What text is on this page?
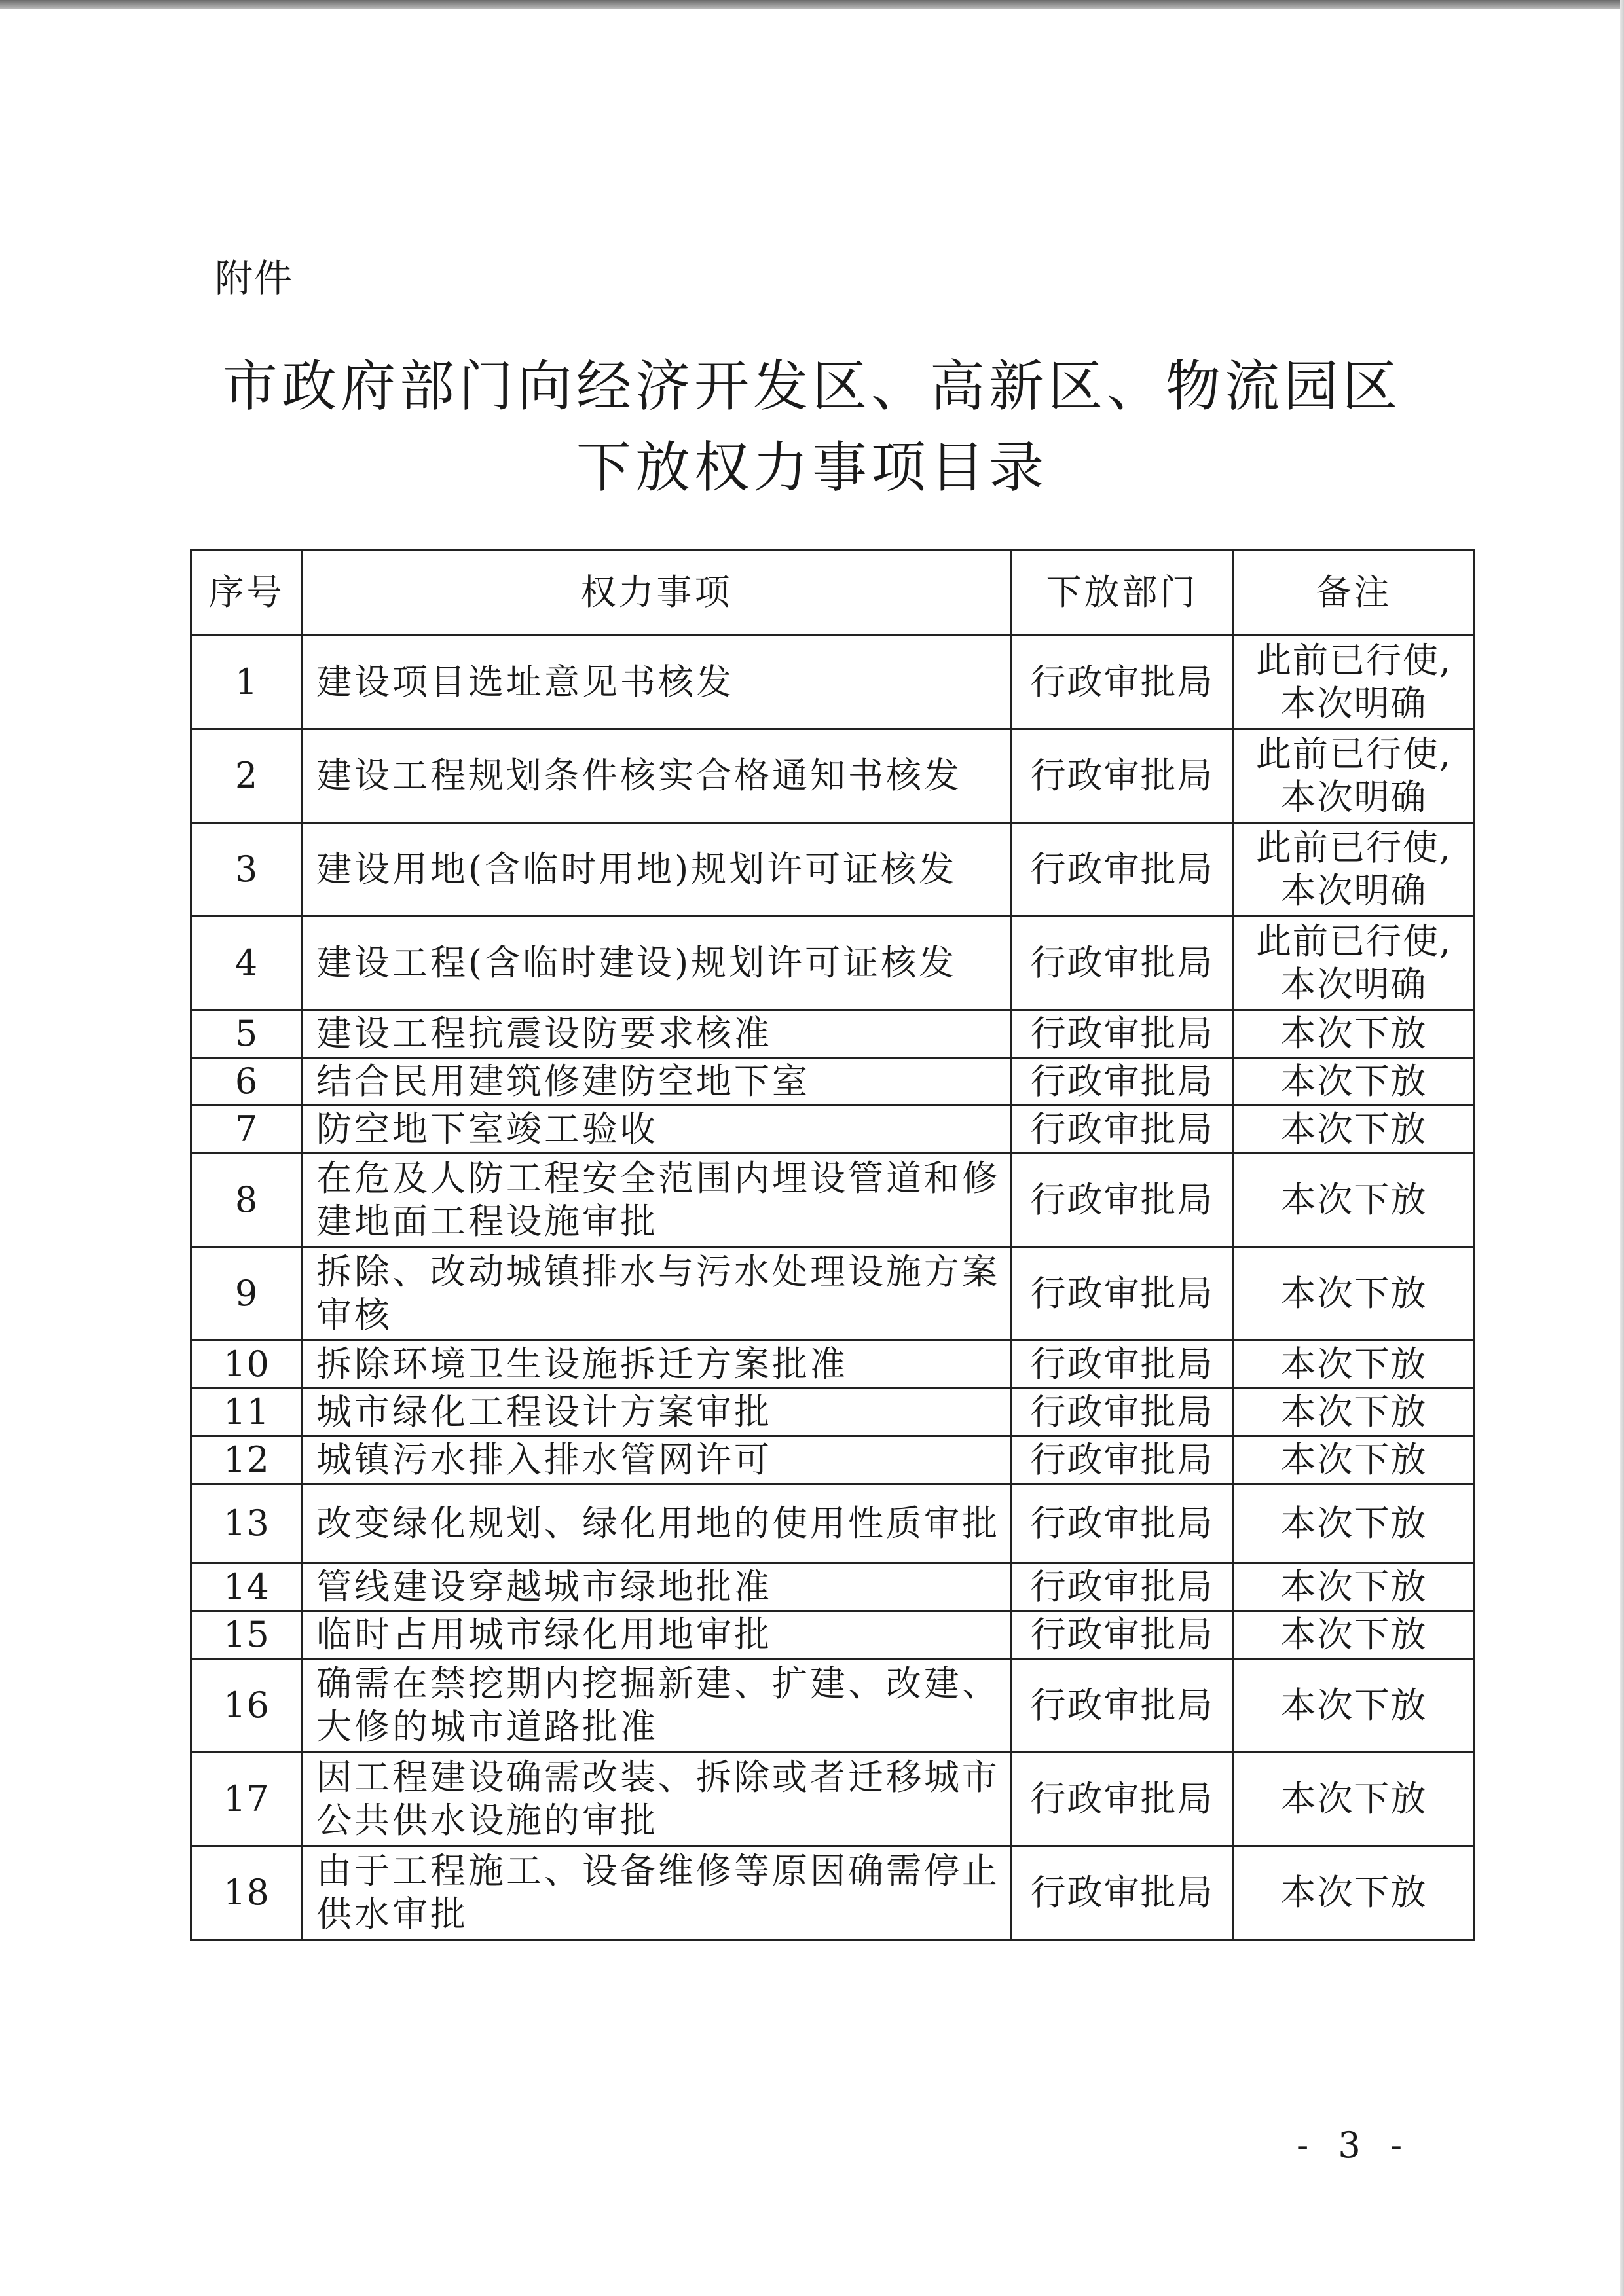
附件
市政府部门向经济开发区、高新区、物流园区
下放权力事项目录
序号	权力事项	下放部门	备注
1	建设项目选址意见书核发	行政审批局	此前已行使,
本次明确

2	建设工程规划条件核实合格通知书核发	行政审批局	此前已行使,
本次明确

3	建设用地(含临时用地)规划许可证核发	行政审批局	此前已行使,
本次明确

4	建设工程(含临时建设)规划许可证核发	行政审批局	此前已行使,
本次明确

5	建设工程抗震设防要求核准	行政审批局	本次下放

6	结合民用建筑修建防空地下室	行政审批局	本次下放

7	防空地下室竣工验收	行政审批局	本次下放

8	在危及人防工程安全范围内埋设管道和修建地面工程设施审批	行政审批局	本次下放

9	拆除、改动城镇排水与污水处理设施方案审核	行政审批局	本次下放

10	拆除环境卫生设施拆迁方案批准	行政审批局	本次下放

11	城市绿化工程设计方案审批	行政审批局	本次下放

12	城镇污水排入排水管网许可	行政审批局	本次下放

13	改变绿化规划、绿化用地的使用性质审批	行政审批局	本次下放

14	管线建设穿越城市绿地批准	行政审批局	本次下放

15	临时占用城市绿化用地审批	行政审批局	本次下放

16	确需在禁挖期内挖掘新建、扩建、改建、大修的城市道路批准	行政审批局	本次下放

17	因工程建设确需改装、拆除或者迁移城市公共供水设施的审批	行政审批局	本次下放

18	由于工程施工、设备维修等原因确需停止供水审批	行政审批局	本次下放
- 3 -
